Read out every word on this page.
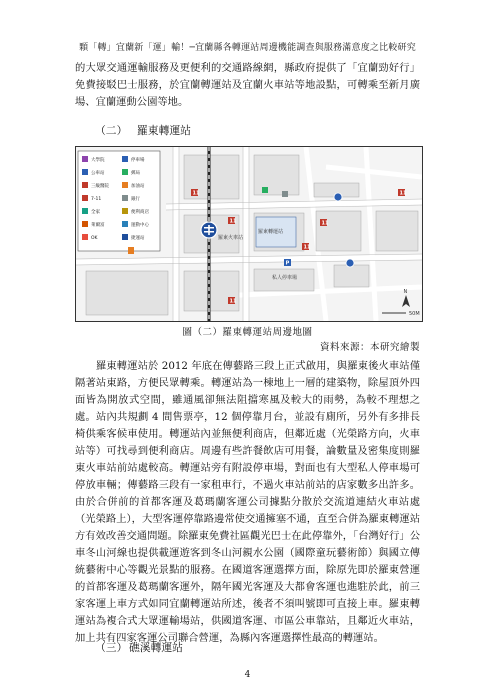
顆「轉」宜蘭新「運」輸！─宜蘭縣各轉運站周邊機能調查與服務滿意度之比較研究

的大眾交通運輸服務及更便利的交通路線網，縣政府提供了「宜蘭勁好行」免費接駁巴士服務，於宜蘭轉運站及宜蘭火車站等地設點，可轉乘至新月廣場、宜蘭運動公園等地。

（二） 羅東轉運站
大學院
公車站
三級醫院
7-11
全家
萊爾富
OK
停車場
郵局
加油站
銀行
便利商店
運動中心
捷運站
羅東轉運站
私人停車場
羅東火車站
11
11	11
11
11
11
P
N
50M
圖（二）羅東轉運站周邊地圖
資料來源：本研究繪製

羅東轉運站於 2012 年底在傳藝路三段上正式啟用，與羅東後火車站僅隔著站東路，方便民眾轉乘。轉運站為一棟地上一層的建築物，除屋頂外四面皆為開放式空間，雖通風卻無法阻擋寒風及較大的雨勢，為較不理想之處。站內共規劃 4 間售票亭，12 個停靠月台，並設有廁所，另外有多排長椅供乘客候車使用。轉運站內並無便利商店，但鄰近處（光榮路方向，火車站等）可找尋到便利商店。周邊有些許餐飲店可用餐，論數量及密集度則羅東火車站前站處較高。轉運站旁有附設停車場，對面也有大型私人停車場可停放車輛；傳藝路三段有一家租車行，不過火車站前站的店家數多出許多。由於合併前的首都客運及葛瑪蘭客運公司據點分散於交流道連結火車站處（光榮路上），大型客運停靠路邊常使交通擁塞不通，直至合併為羅東轉運站方有效改善交通問題。除羅東免費社區觀光巴士在此停靠外，「台灣好行」公車冬山河線也提供載運遊客到冬山河親水公園（國際童玩藝術節）與國立傳統藝術中心等觀光景點的服務。在國道客運選擇方面，除原先即於羅東營運的首都客運及葛瑪蘭客運外，隔年國光客運及大都會客運也進駐於此，前三家客運上車方式如同宜蘭轉運站所述，後者不須叫號即可直接上車。羅東轉運站為複合式大眾運輸場站，供國道客運、市區公車靠站，且鄰近火車站，加上共有四家客運公司聯合營運，為縣內客運選擇性最高的轉運站。

（三） 礁溪轉運站
4
